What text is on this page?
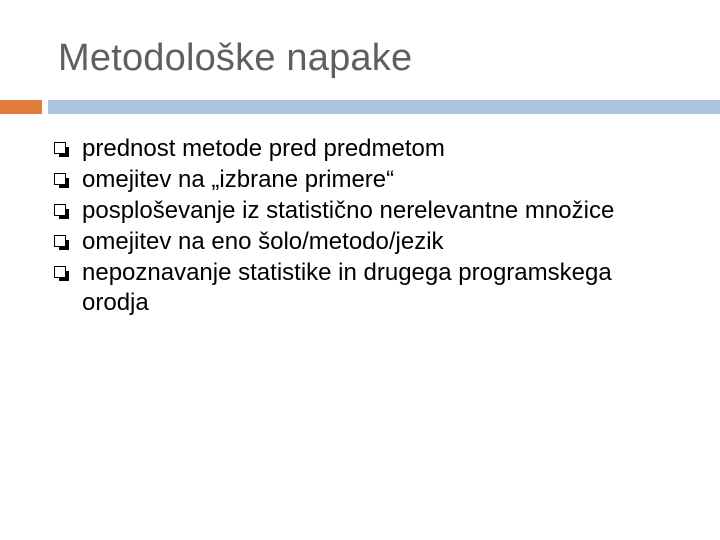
Metodološke napake
prednost metode pred predmetom
omejitev na „izbrane primere“
posploševanje iz statistično nerelevantne množice
omejitev na eno šolo/metodo/jezik
nepoznavanje statistike in drugega programskega orodja
